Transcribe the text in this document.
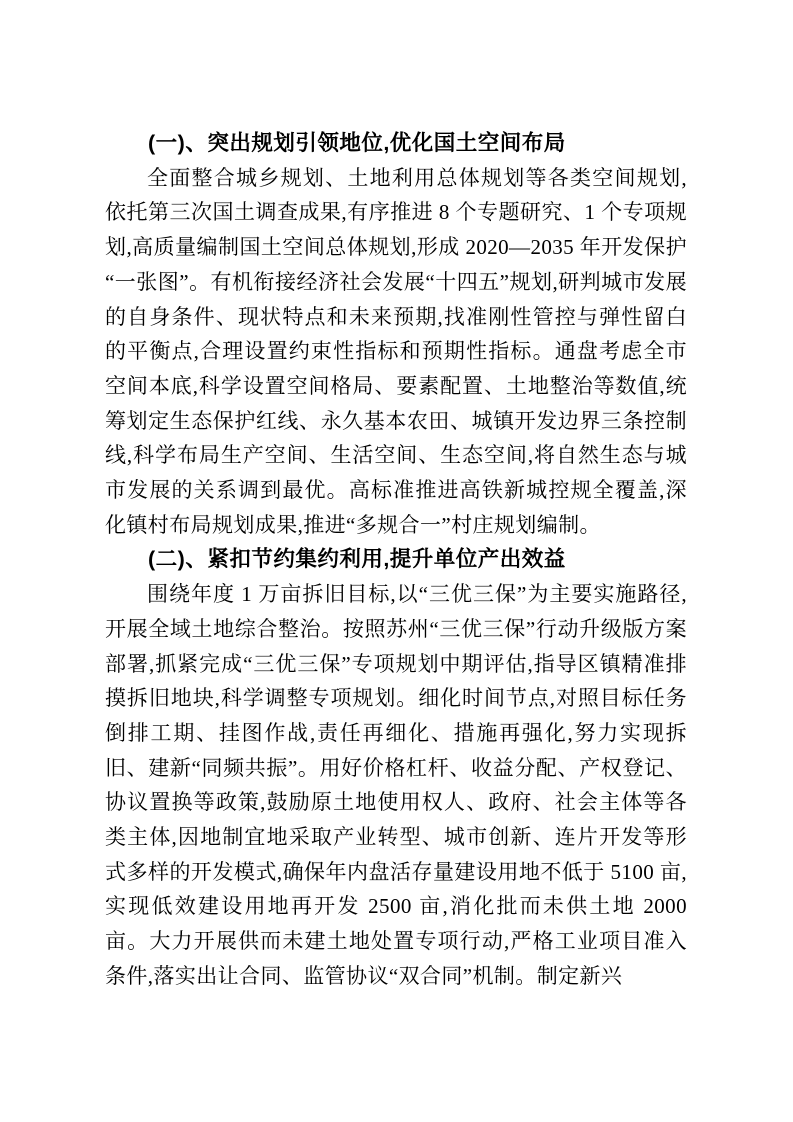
(一)、突出规划引领地位,优化国土空间布局

全面整合城乡规划、土地利用总体规划等各类空间规划,依托第三次国土调查成果,有序推进 8 个专题研究、1 个专项规划,高质量编制国土空间总体规划,形成 2020—2035 年开发保护“一张图”。有机衔接经济社会发展“十四五”规划,研判城市发展的自身条件、现状特点和未来预期,找准刚性管控与弹性留白的平衡点,合理设置约束性指标和预期性指标。通盘考虑全市空间本底,科学设置空间格局、要素配置、土地整治等数值,统筹划定生态保护红线、永久基本农田、城镇开发边界三条控制线,科学布局生产空间、生活空间、生态空间,将自然生态与城市发展的关系调到最优。高标准推进高铁新城控规全覆盖,深化镇村布局规划成果,推进“多规合一”村庄规划编制。

(二)、紧扣节约集约利用,提升单位产出效益

围绕年度 1 万亩拆旧目标,以“三优三保”为主要实施路径,开展全域土地综合整治。按照苏州“三优三保”行动升级版方案部署,抓紧完成“三优三保”专项规划中期评估,指导区镇精准排摸拆旧地块,科学调整专项规划。细化时间节点,对照目标任务倒排工期、挂图作战,责任再细化、措施再强化,努力实现拆旧、建新“同频共振”。用好价格杠杆、收益分配、产权登记、协议置换等政策,鼓励原土地使用权人、政府、社会主体等各类主体,因地制宜地采取产业转型、城市创新、连片开发等形式多样的开发模式,确保年内盘活存量建设用地不低于 5100 亩,实现低效建设用地再开发 2500 亩,消化批而未供土地 2000 亩。大力开展供而未建土地处置专项行动,严格工业项目准入条件,落实出让合同、监管协议“双合同”机制。制定新兴
